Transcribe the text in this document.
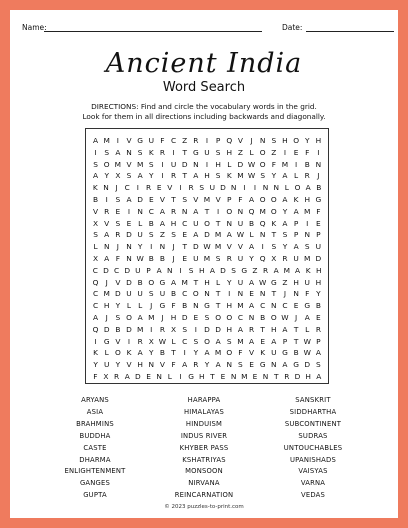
Name:	Date:
Ancient India
Word Search
DIRECTIONS: Find and circle the vocabulary words in the grid.
Look for them in all directions including backwards and diagonally.
A M I	V G U F C Z R	I	P Q V	J N S H O Y H
I	S A N S K R	I	T G U S H Z L O Z	I	E F	I
S O M V M S	I U D N I H L D W O F M I	B N
A Y X S A Y	I	R T A H S K M W S Y A L R	J
K N J C I R E V I R S U D N I	I N N L O A B
B	I	S A D E V T S V M V P F A O O A K H G
V R E	I N C A R N A T	I O N Q M O Y A M F
X V S E L B A H C U O T N U B Q K A P	I	E
S A R D U S Z S E A D M A W L N T S P N P
L N J N Y	I N J	T D W M V V A	I	S Y A S U
X A F N W B B	J	E U M S R U Y Q X R U M D
C D C D U P A N I S H A D S G Z R A M A K H
Q J	V D B O G A M T H L Y U A W G Z H U H
C M D U U S U B C O N T	I N E N T	J N F Y
C H Y L L	J G F B N G T H M A C N C E G B
A	J	S O A M J H D E S O O C N B O W J	A E
Q D B D M I	R X S	I D D H A R T H A T L R
I G V	I	R X W L C S O A S M A E A P T W P
K L O K A Y B T	I	Y A M O F V K U G B W A
Y U Y V H N V F A R Y A N S E G N A G D S
F X R A D E N L	I G H T E N M E N T R D H A
ARYANS
ASIA
BRAHMINS
BUDDHA
CASTE
DHARMA
ENLIGHTENMENT
GANGES
GUPTA
HARAPPA
HIMALAYAS
HINDUISM
INDUS RIVER
KHYBER PASS
KSHATRIYAS
MONSOON
NIRVANA
REINCARNATION
SANSKRIT
SIDDHARTHA
SUBCONTINENT
SUDRAS
UNTOUCHABLES
UPANISHADS
VAISYAS
VARNA
VEDAS
© 2023 puzzles-to-print.com
